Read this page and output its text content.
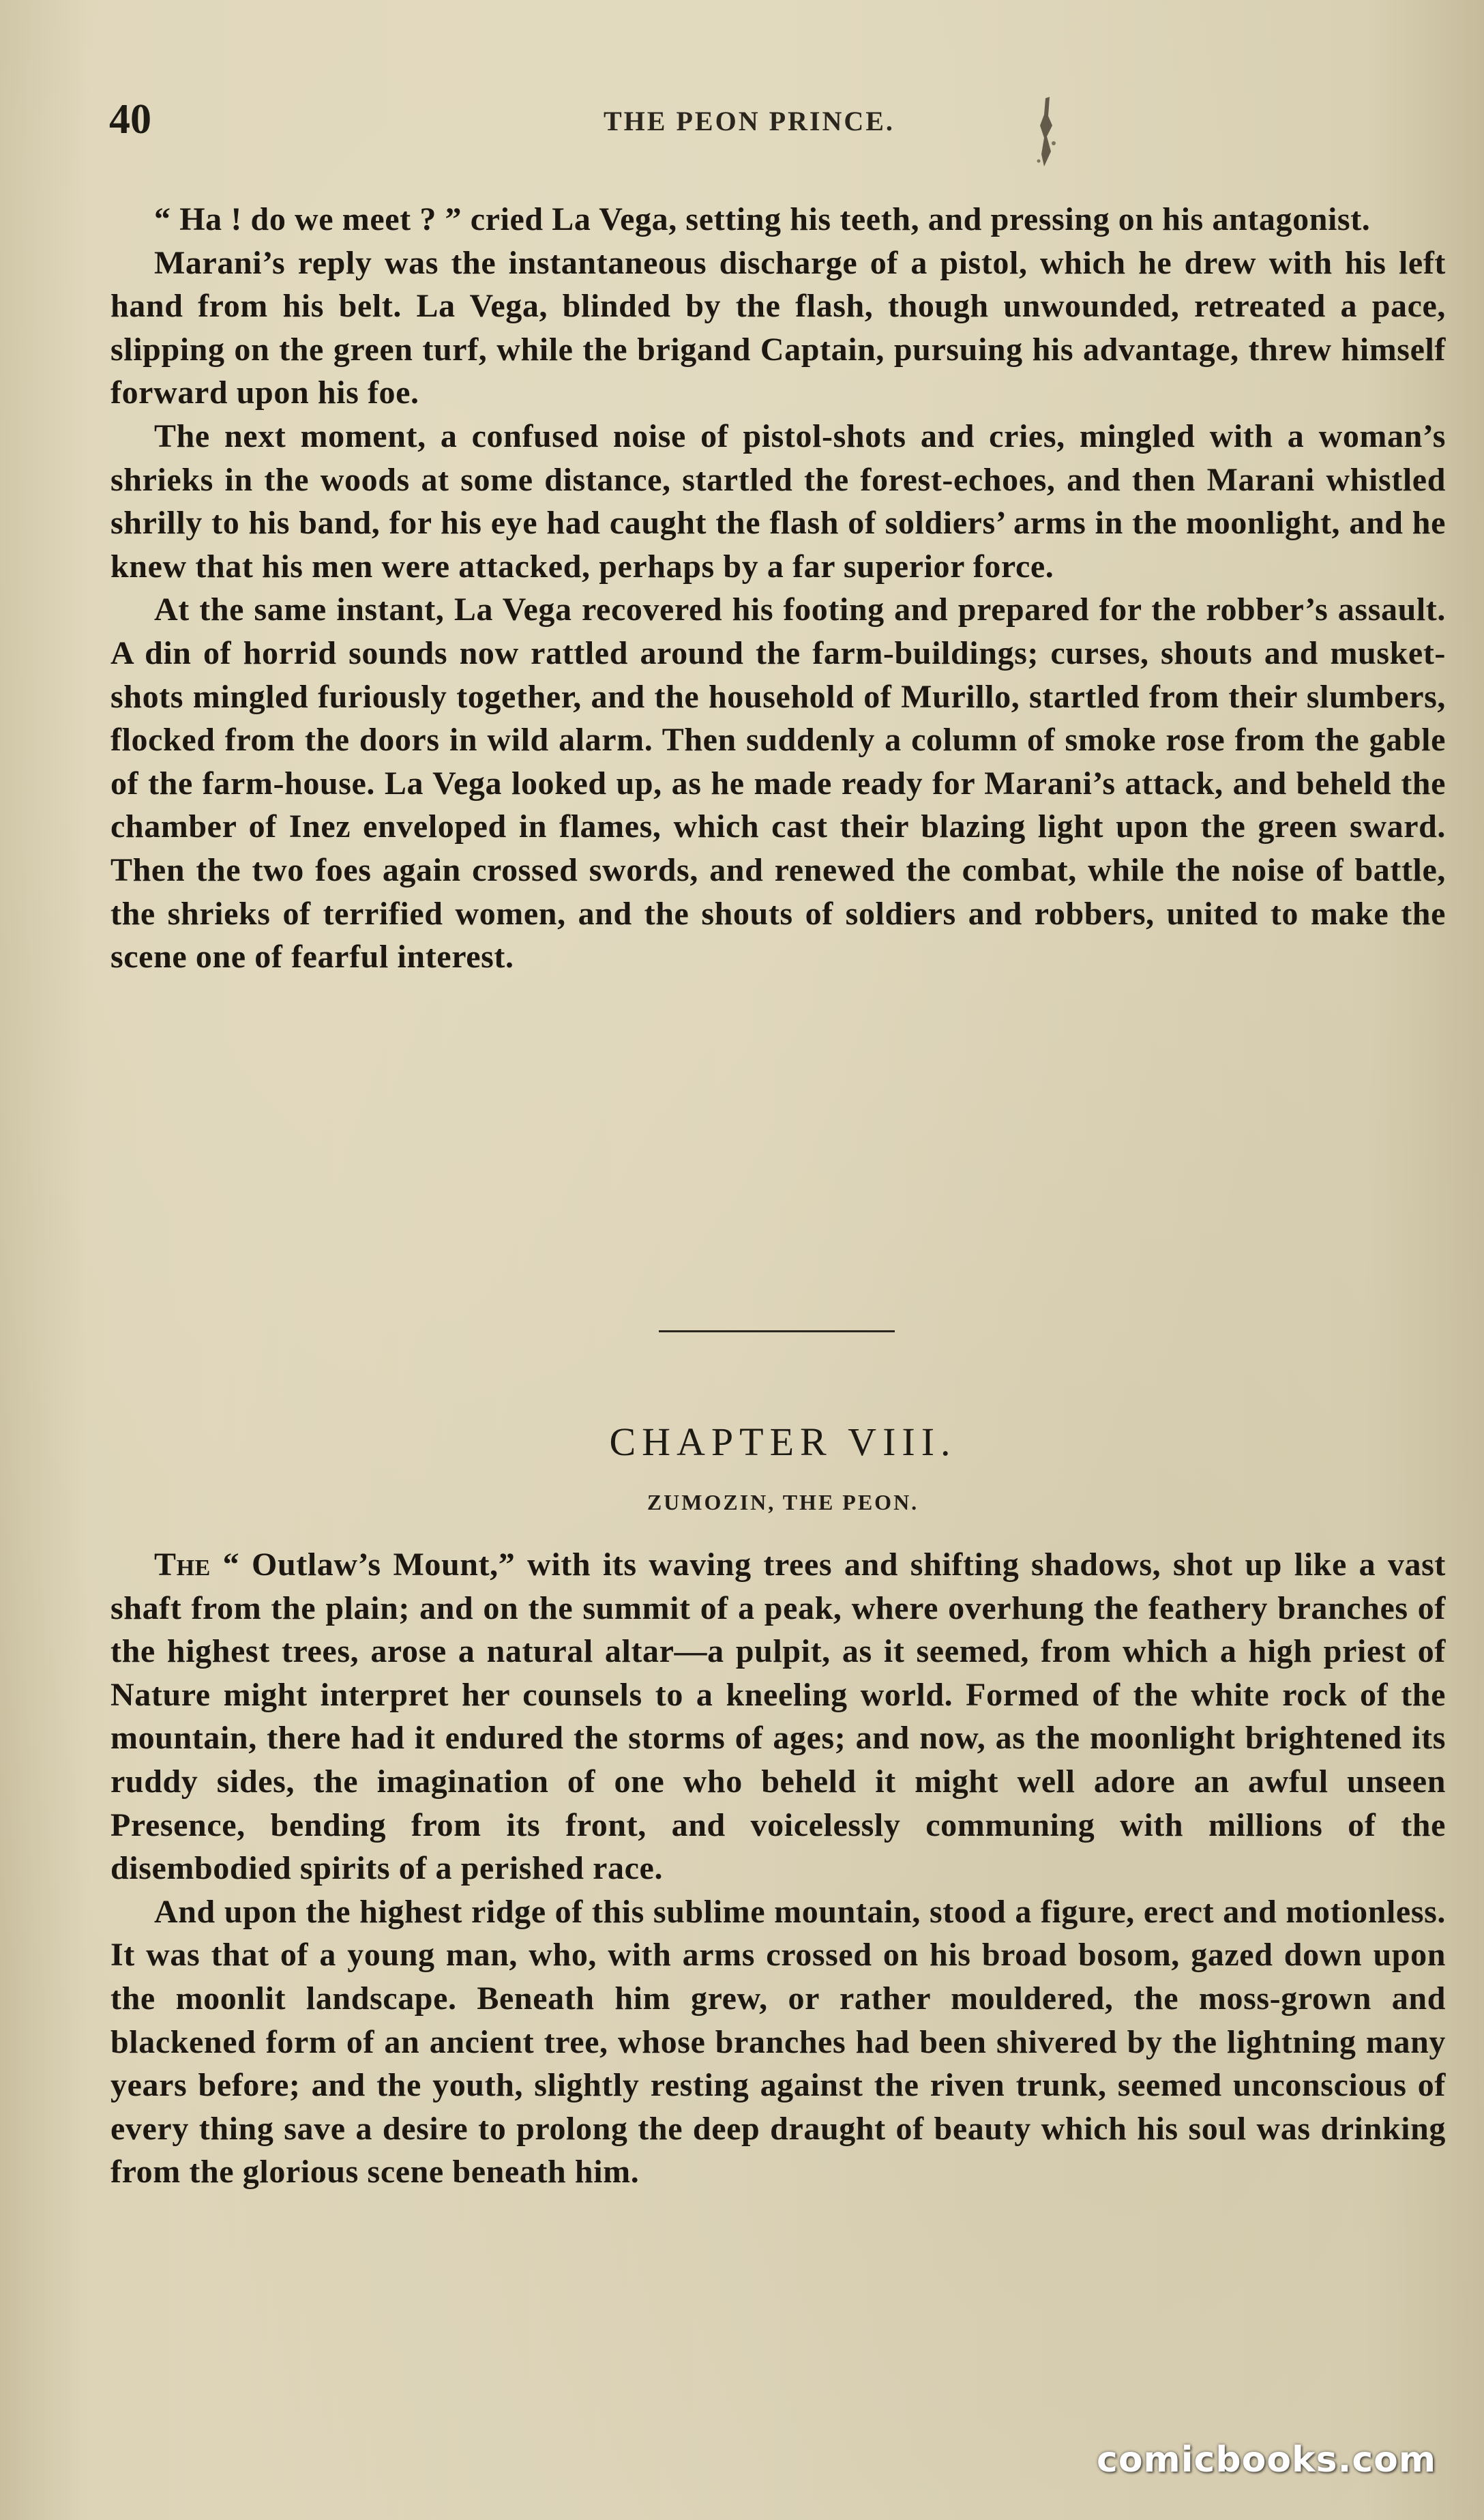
40	THE PEON PRINCE.

“ Ha ! do we meet ? ” cried La Vega, setting his teeth, and pressing on his antagonist.

Marani’s reply was the instantaneous discharge of a pistol, which he drew with his left hand from his belt. La Vega, blinded by the flash, though unwounded, retreated a pace, slipping on the green turf, while the brigand Captain, pursuing his advantage, threw himself forward upon his foe.

The next moment, a confused noise of pistol-shots and cries, mingled with a woman’s shrieks in the woods at some distance, startled the forest-echoes, and then Marani whistled shrilly to his band, for his eye had caught the flash of soldiers’ arms in the moonlight, and he knew that his men were attacked, perhaps by a far superior force.

At the same instant, La Vega recovered his footing and prepared for the robber’s assault. A din of horrid sounds now rattled around the farm-buildings; curses, shouts and musket-shots mingled furiously together, and the household of Murillo, startled from their slumbers, flocked from the doors in wild alarm. Then suddenly a column of smoke rose from the gable of the farm-house. La Vega looked up, as he made ready for Marani’s attack, and beheld the chamber of Inez enveloped in flames, which cast their blazing light upon the green sward. Then the two foes again crossed swords, and renewed the combat, while the noise of battle, the shrieks of terrified women, and the shouts of soldiers and robbers, united to make the scene one of fearful interest.

CHAPTER VIII.
ZUMOZIN, THE PEON.

The “ Outlaw’s Mount,” with its waving trees and shifting shadows, shot up like a vast shaft from the plain; and on the summit of a peak, where overhung the feathery branches of the highest trees, arose a natural altar—a pulpit, as it seemed, from which a high priest of Nature might interpret her counsels to a kneeling world. Formed of the white rock of the mountain, there had it endured the storms of ages; and now, as the moonlight brightened its ruddy sides, the imagination of one who beheld it might well adore an awful unseen Presence, bending from its front, and voicelessly communing with millions of the disembodied spirits of a perished race.

And upon the highest ridge of this sublime mountain, stood a figure, erect and motionless. It was that of a young man, who, with arms crossed on his broad bosom, gazed down upon the moonlit landscape. Beneath him grew, or rather mouldered, the moss-grown and blackened form of an ancient tree, whose branches had been shivered by the lightning many years before; and the youth, slightly resting against the riven trunk, seemed unconscious of every thing save a desire to prolong the deep draught of beauty which his soul was drinking from the glorious scene beneath him.

comicbooks.com
